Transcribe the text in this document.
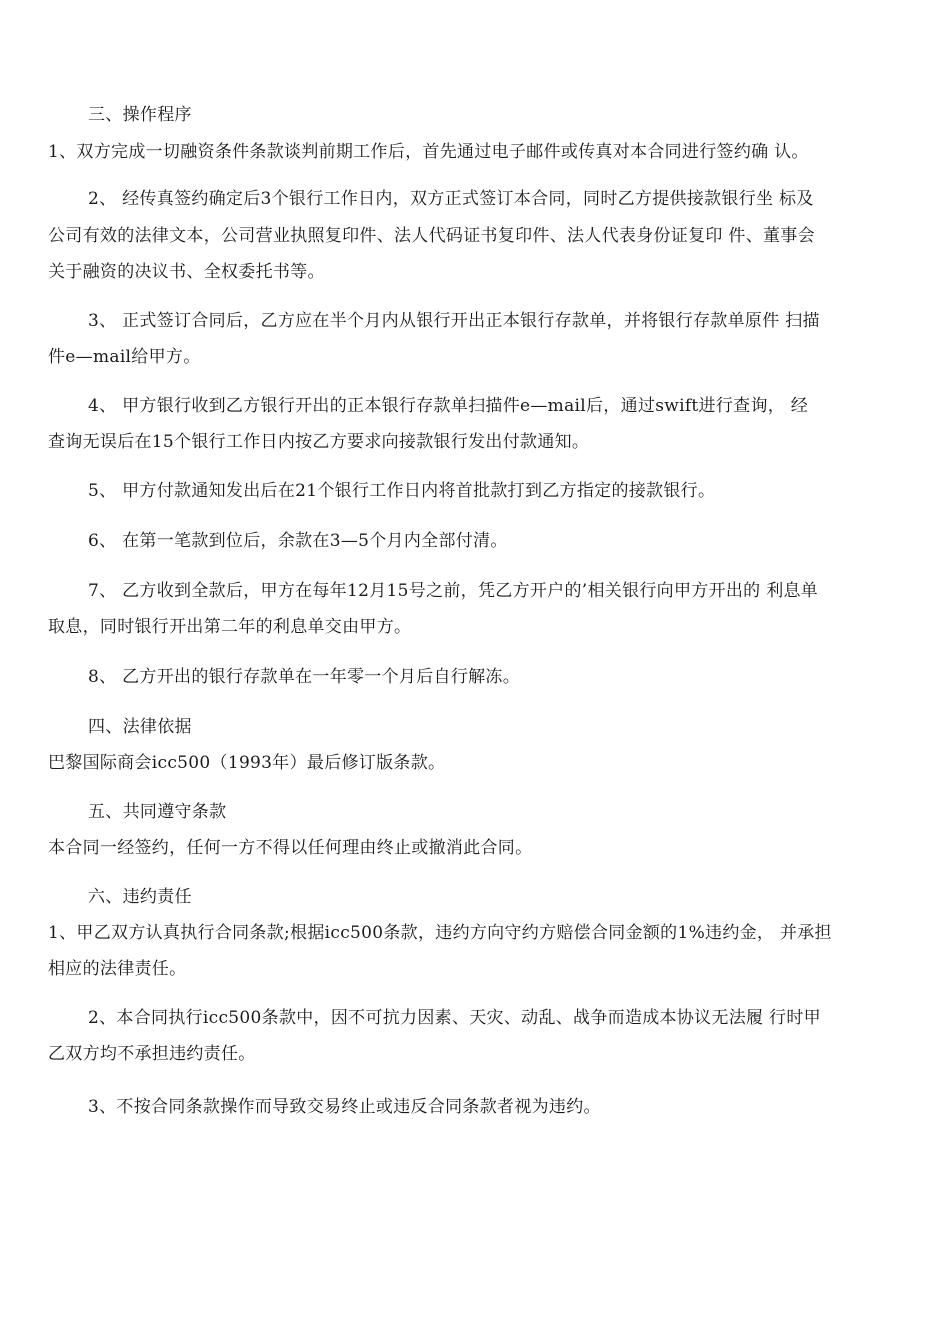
三、操作程序
1、双方完成一切融资条件条款谈判前期工作后，首先通过电子邮件或传真对本合同进行签约确 认。
2、 经传真签约确定后3个银行工作日内，双方正式签订本合同，同时乙方提供接款银行坐 标及
公司有效的法律文本，公司营业执照复印件、法人代码证书复印件、法人代表身份证复印 件、董事会
关于融资的决议书、全权委托书等。
3、 正式签订合同后，乙方应在半个月内从银行开出正本银行存款单，并将银行存款单原件 扫描
件e—mail给甲方。
4、 甲方银行收到乙方银行开出的正本银行存款单扫描件e—mail后，通过swift进行查询， 经
查询无误后在15个银行工作日内按乙方要求向接款银行发出付款通知。
5、 甲方付款通知发出后在21个银行工作日内将首批款打到乙方指定的接款银行。
6、 在第一笔款到位后，余款在3—5个月内全部付清。
7、 乙方收到全款后，甲方在每年12月15号之前，凭乙方开户的’相关银行向甲方开出的 利息单
取息，同时银行开出第二年的利息单交由甲方。
8、 乙方开出的银行存款单在一年零一个月后自行解冻。
四、法律依据
巴黎国际商会icc500（1993年）最后修订版条款。
五、共同遵守条款
本合同一经签约，任何一方不得以任何理由终止或撤消此合同。
六、违约责任
1、甲乙双方认真执行合同条款;根据icc500条款，违约方向守约方赔偿合同金额的1%违约金， 并承担
相应的法律责任。
2、本合同执行icc500条款中，因不可抗力因素、天灾、动乱、战争而造成本协议无法履 行时甲
乙双方均不承担违约责任。
3、不按合同条款操作而导致交易终止或违反合同条款者视为违约。
